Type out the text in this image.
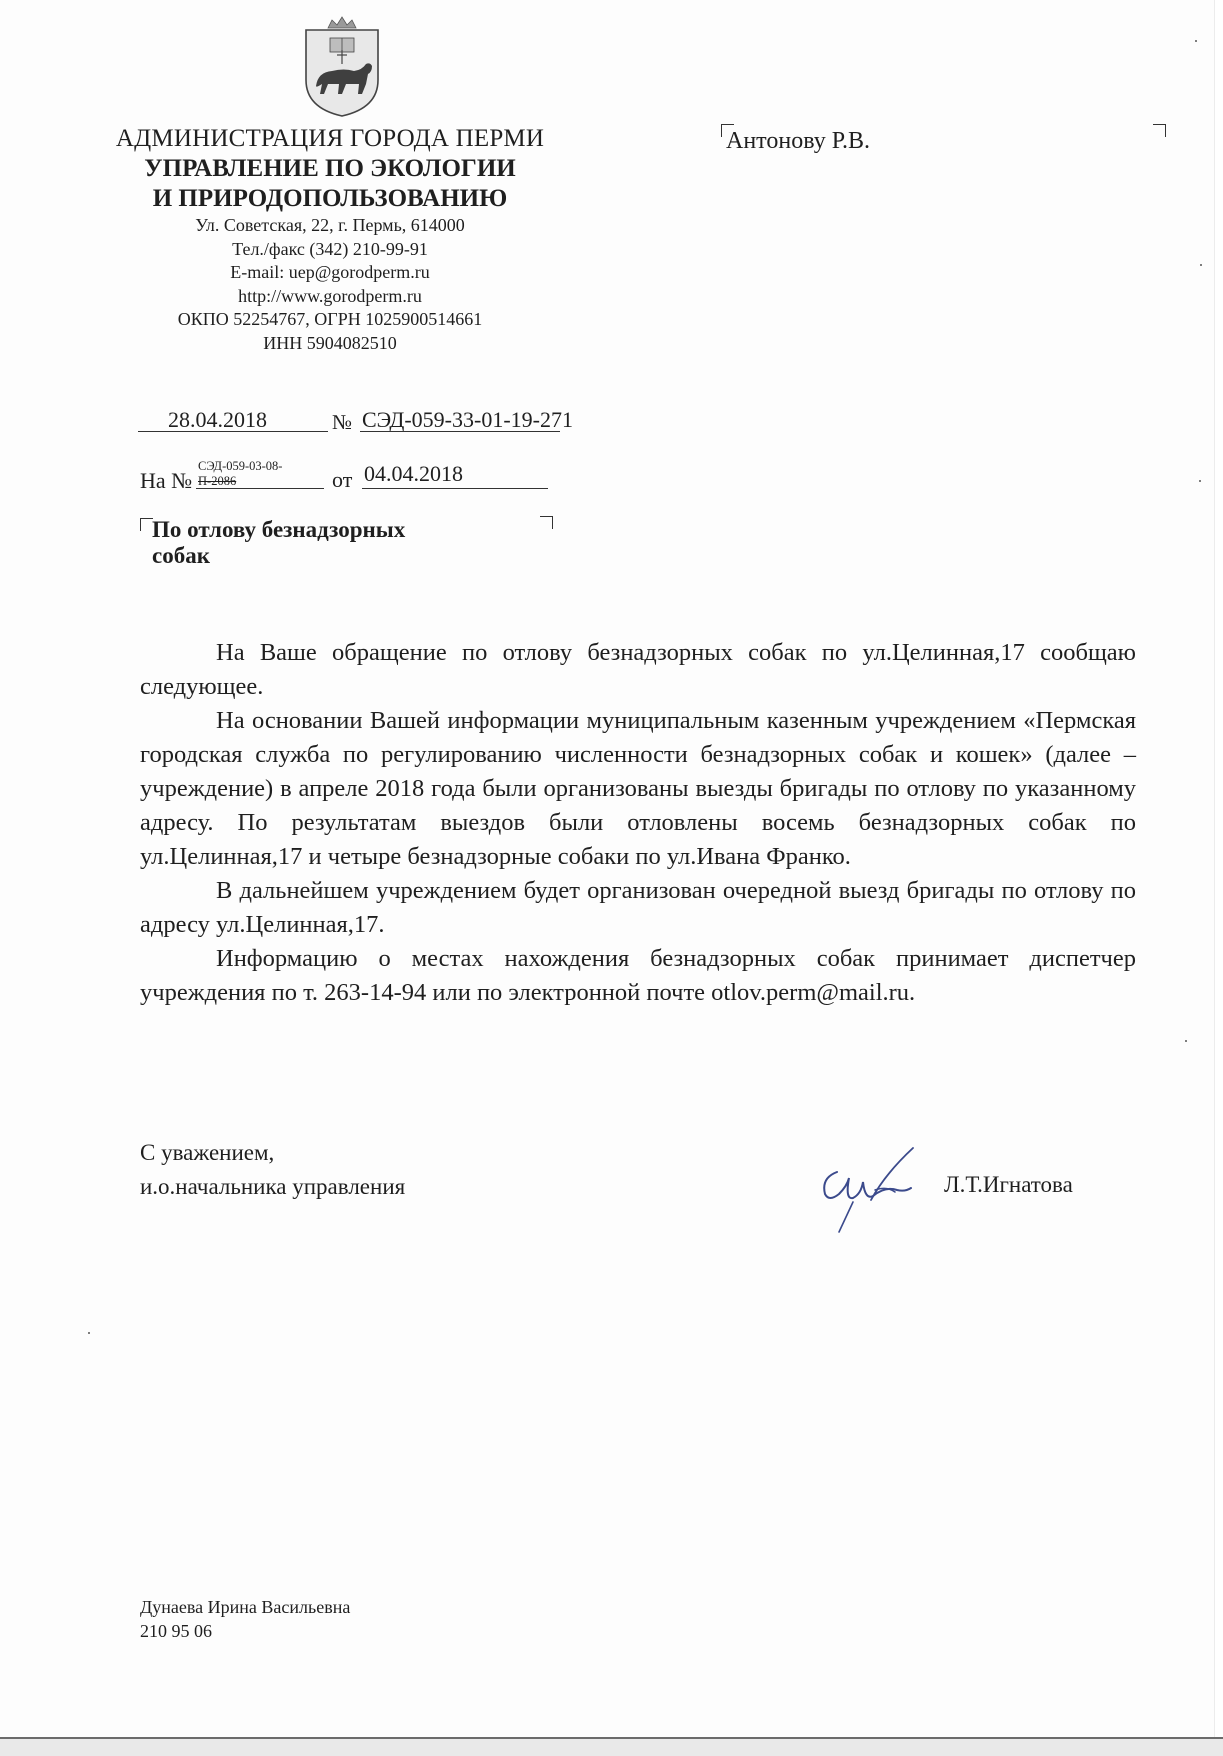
АДМИНИСТРАЦИЯ ГОРОДА ПЕРМИ
УПРАВЛЕНИЕ ПО ЭКОЛОГИИ
И ПРИРОДОПОЛЬЗОВАНИЮ
Ул. Советская, 22, г. Пермь, 614000
Тел./факс (342) 210-99-91
E-mail: uep@gorodperm.ru
http://www.gorodperm.ru
ОКПО 52254767, ОГРН 1025900514661
ИНН 5904082510
Антонову Р.В.
28.04.2018	№ СЭД-059-33-01-19-271
На №
СЭД-059-03-08-
П-2086	от 04.04.2018
По отлову безнадзорных
собак

На Ваше обращение по отлову безнадзорных собак по ул.Целинная,17 сообщаю следующее.

На основании Вашей информации муниципальным казенным учреждением «Пермская городская служба по регулированию численности безнадзорных собак и кошек» (далее – учреждение) в апреле 2018 года были организованы выезды бригады по отлову по указанному адресу. По результатам выездов были отловлены восемь безнадзорных собак по ул.Целинная,17 и четыре безнадзорные собаки по ул.Ивана Франко.

В дальнейшем учреждением будет организован очередной выезд бригады по отлову по адресу ул.Целинная,17.

Информацию о местах нахождения безнадзорных собак принимает диспетчер учреждения по т. 263-14-94 или по электронной почте otlov.perm@mail.ru.

С уважением,
и.о.начальника управления	Л.Т.Игнатова
Дунаева Ирина Васильевна
210 95 06
